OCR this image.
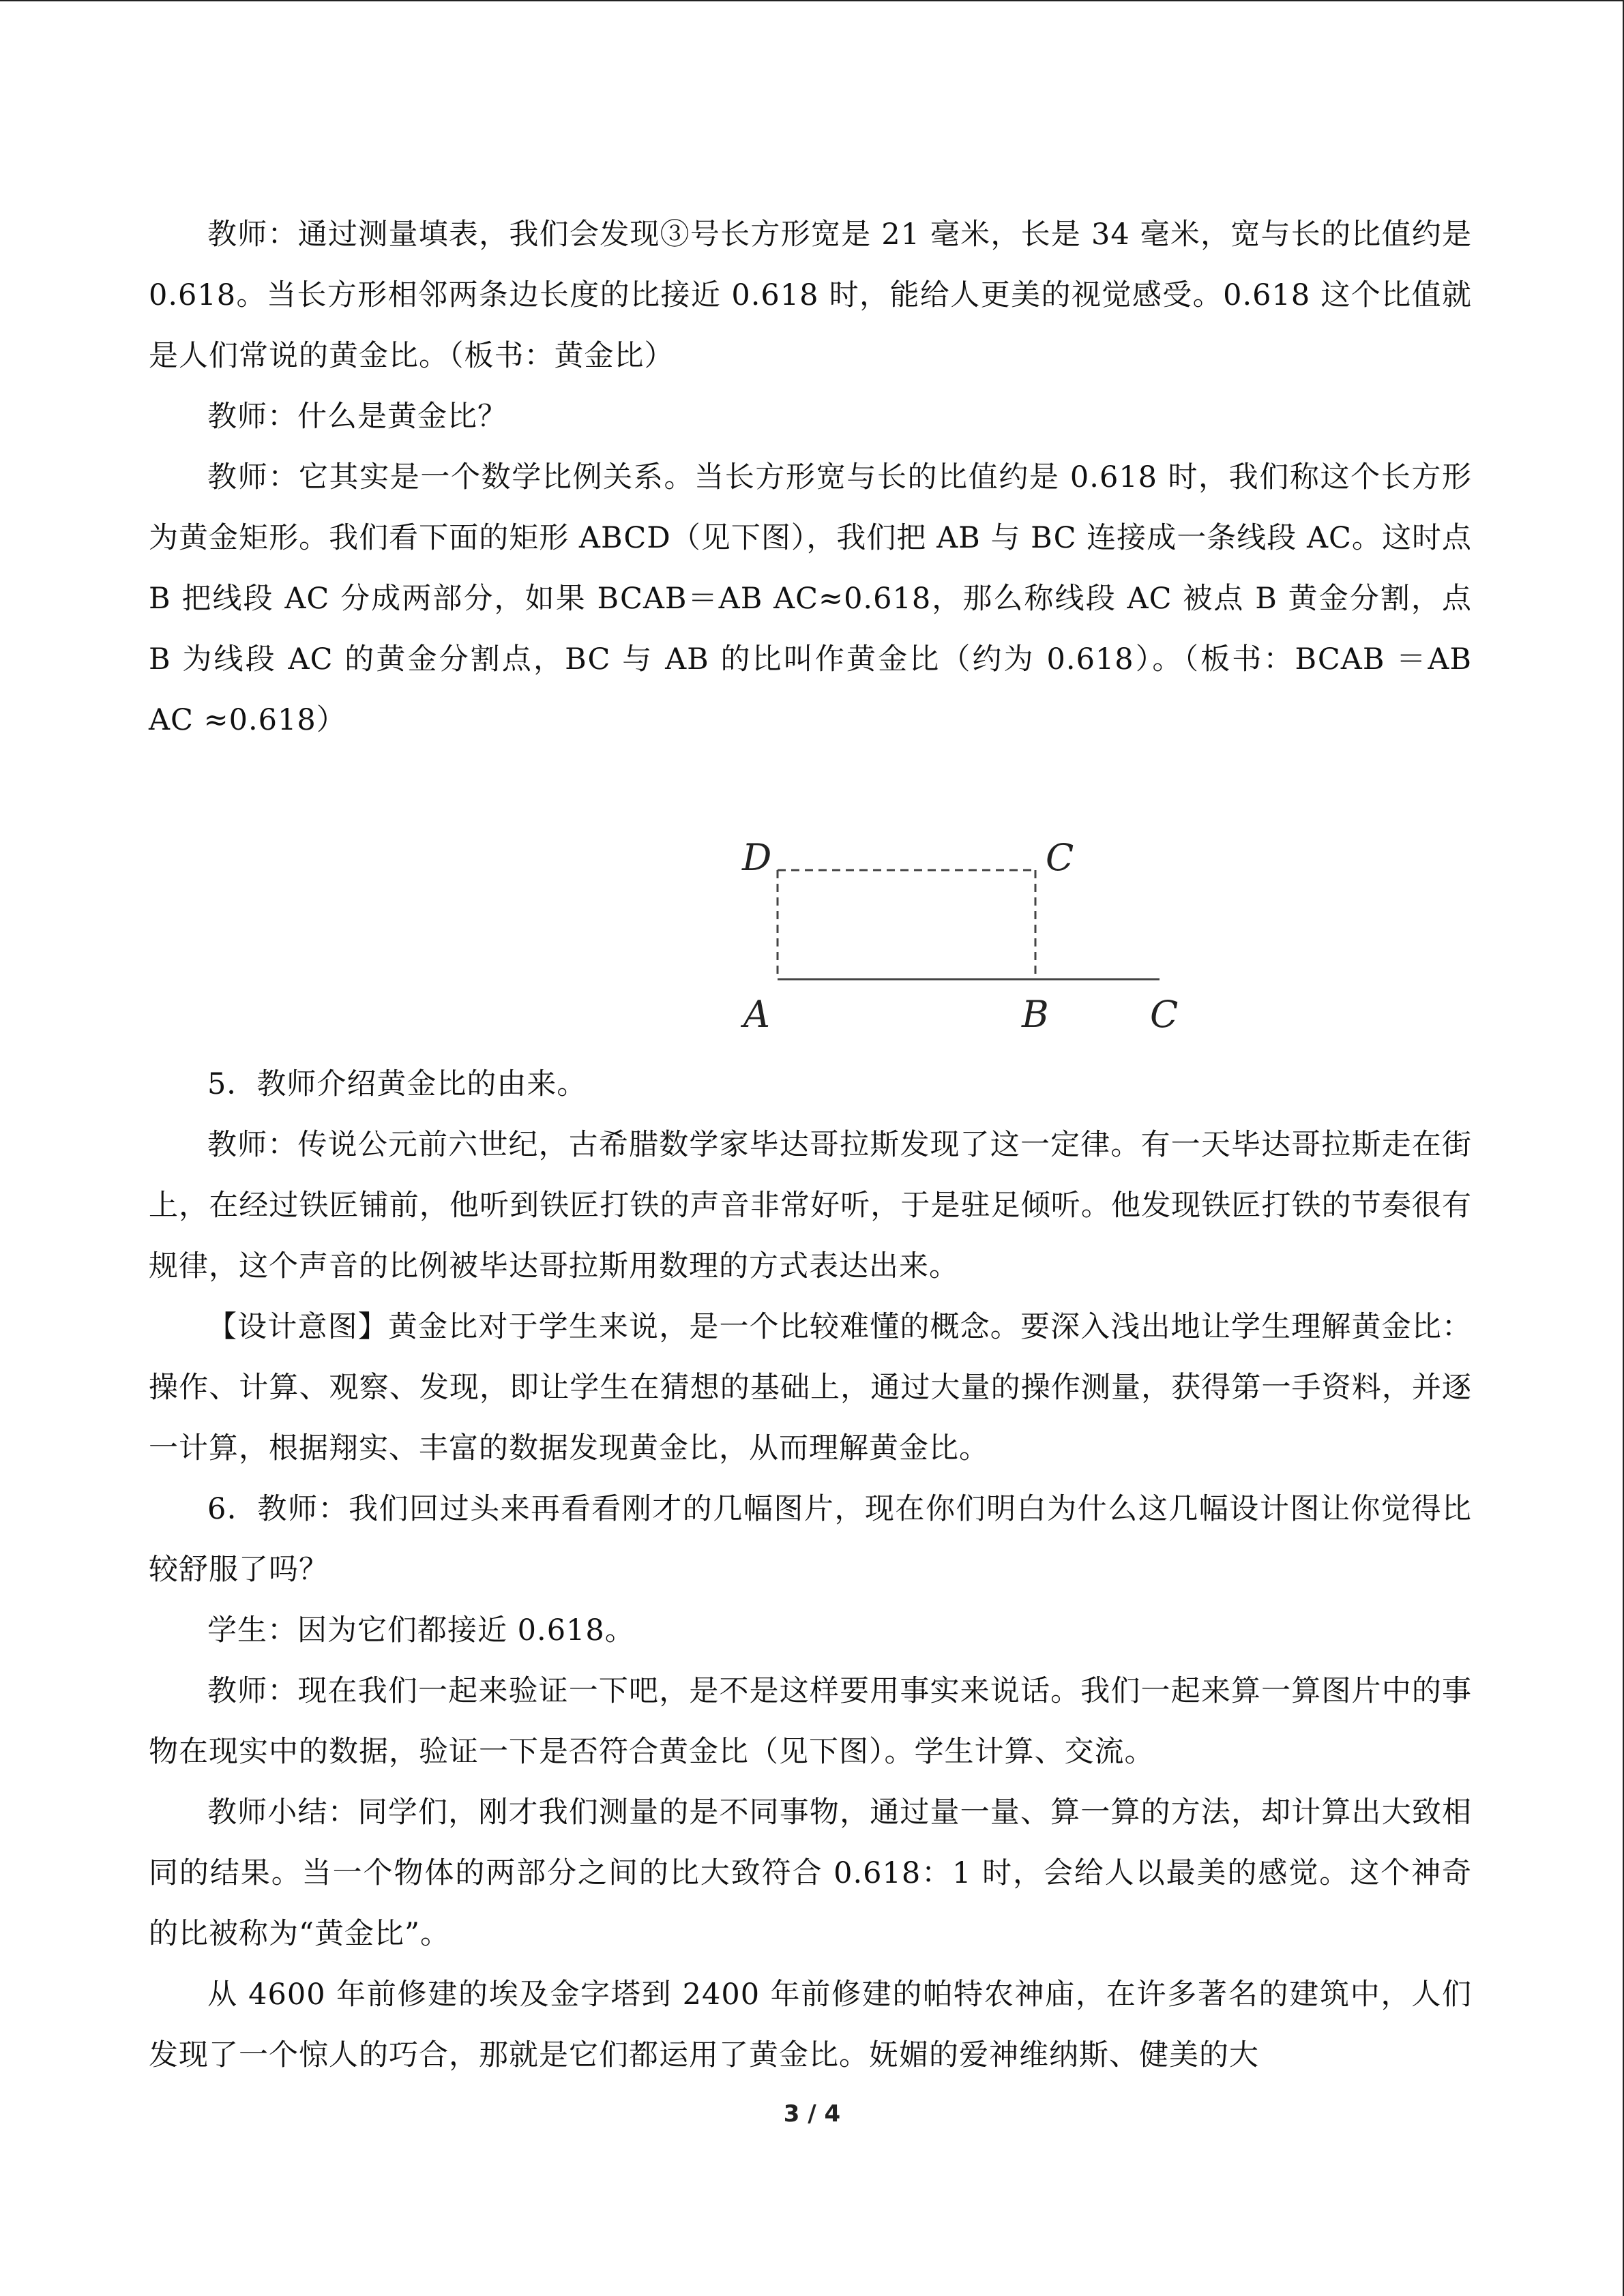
教师：通过测量填表，我们会发现③号长方形宽是 21 毫米，长是 34 毫米，宽与长的比值约是 0.618。当长方形相邻两条边长度的比接近 0.618 时，能给人更美的视觉感受。0.618 这个比值就是人们常说的黄金比。（板书：黄金比）

教师：什么是黄金比？

教师：它其实是一个数学比例关系。当长方形宽与长的比值约是 0.618 时，我们称这个长方形为黄金矩形。我们看下面的矩形 ABCD（见下图），我们把 AB 与 BC 连接成一条线段 AC。这时点 B 把线段 AC 分成两部分，如果 BCAB＝AB AC≈0.618，那么称线段 AC 被点 B 黄金分割，点 B 为线段 AC 的黄金分割点，BC 与 AB 的比叫作黄金比（约为 0.618）。（板书：BCAB ＝AB AC ≈0.618）

D	C
A	B	C

5．教师介绍黄金比的由来。

教师：传说公元前六世纪，古希腊数学家毕达哥拉斯发现了这一定律。有一天毕达哥拉斯走在街上，在经过铁匠铺前，他听到铁匠打铁的声音非常好听，于是驻足倾听。他发现铁匠打铁的节奏很有规律，这个声音的比例被毕达哥拉斯用数理的方式表达出来。

【设计意图】黄金比对于学生来说，是一个比较难懂的概念。要深入浅出地让学生理解黄金比：操作、计算、观察、发现，即让学生在猜想的基础上，通过大量的操作测量，获得第一手资料，并逐一计算，根据翔实、丰富的数据发现黄金比，从而理解黄金比。

6．教师：我们回过头来再看看刚才的几幅图片，现在你们明白为什么这几幅设计图让你觉得比较舒服了吗？

学生：因为它们都接近 0.618。

教师：现在我们一起来验证一下吧，是不是这样要用事实来说话。我们一起来算一算图片中的事物在现实中的数据，验证一下是否符合黄金比（见下图）。学生计算、交流。

教师小结：同学们，刚才我们测量的是不同事物，通过量一量、算一算的方法，却计算出大致相同的结果。当一个物体的两部分之间的比大致符合 0.618：1 时，会给人以最美的感觉。这个神奇的比被称为“黄金比”。

从 4600 年前修建的埃及金字塔到 2400 年前修建的帕特农神庙，在许多著名的建筑中，人们发现了一个惊人的巧合，那就是它们都运用了黄金比。妩媚的爱神维纳斯、健美的大

3 / 4
